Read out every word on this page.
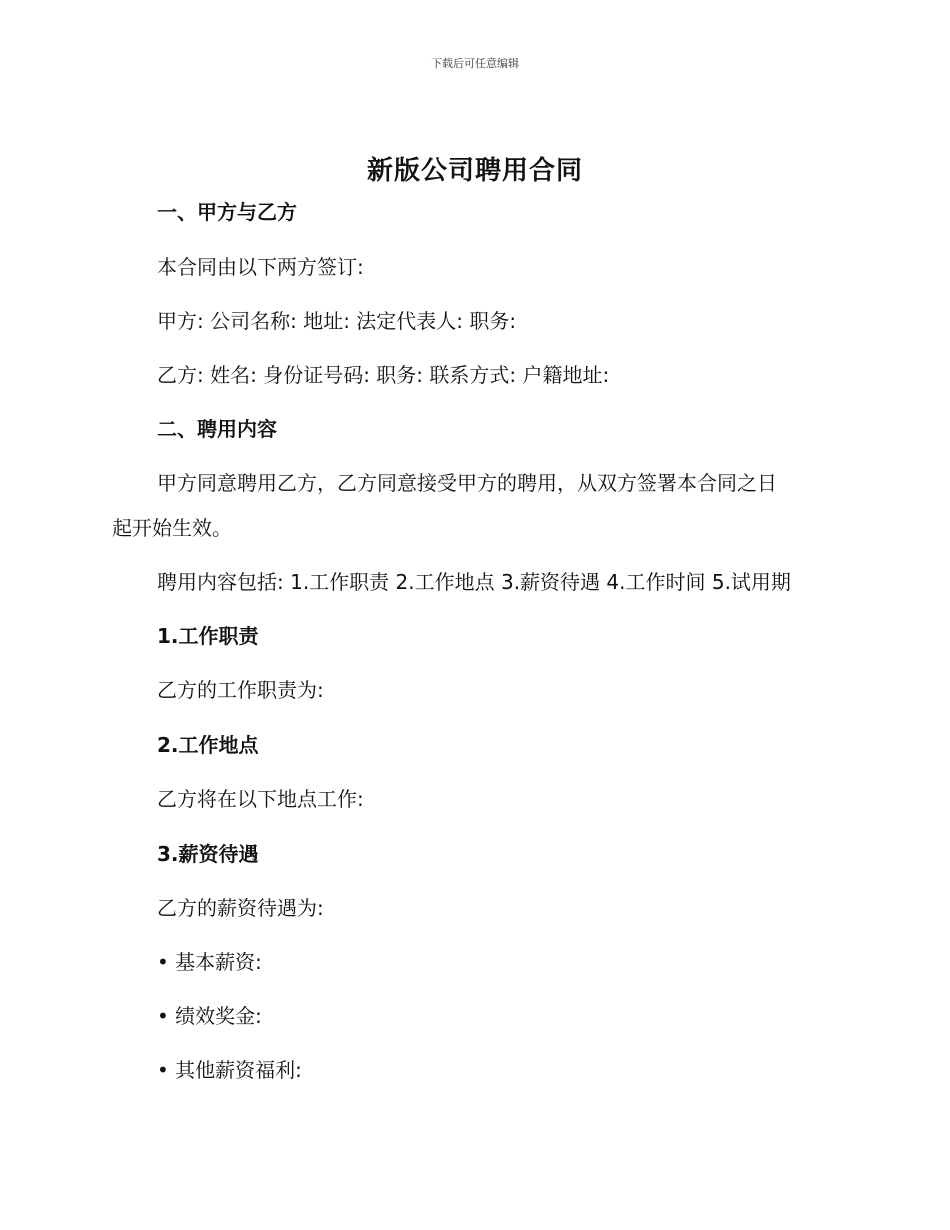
下载后可任意编辑
新版公司聘用合同
一、甲方与乙方
本合同由以下两方签订:
甲方: 公司名称: 地址: 法定代表人: 职务:
乙方: 姓名: 身份证号码: 职务: 联系方式: 户籍地址:
二、聘用内容
甲方同意聘用乙方，乙方同意接受甲方的聘用，从双方签署本合同之日
起开始生效。
聘用内容包括: 1.工作职责 2.工作地点 3.薪资待遇 4.工作时间 5.试用期
1.工作职责
乙方的工作职责为:
2.工作地点
乙方将在以下地点工作:
3.薪资待遇
乙方的薪资待遇为:
• 基本薪资:
• 绩效奖金:
• 其他薪资福利:
